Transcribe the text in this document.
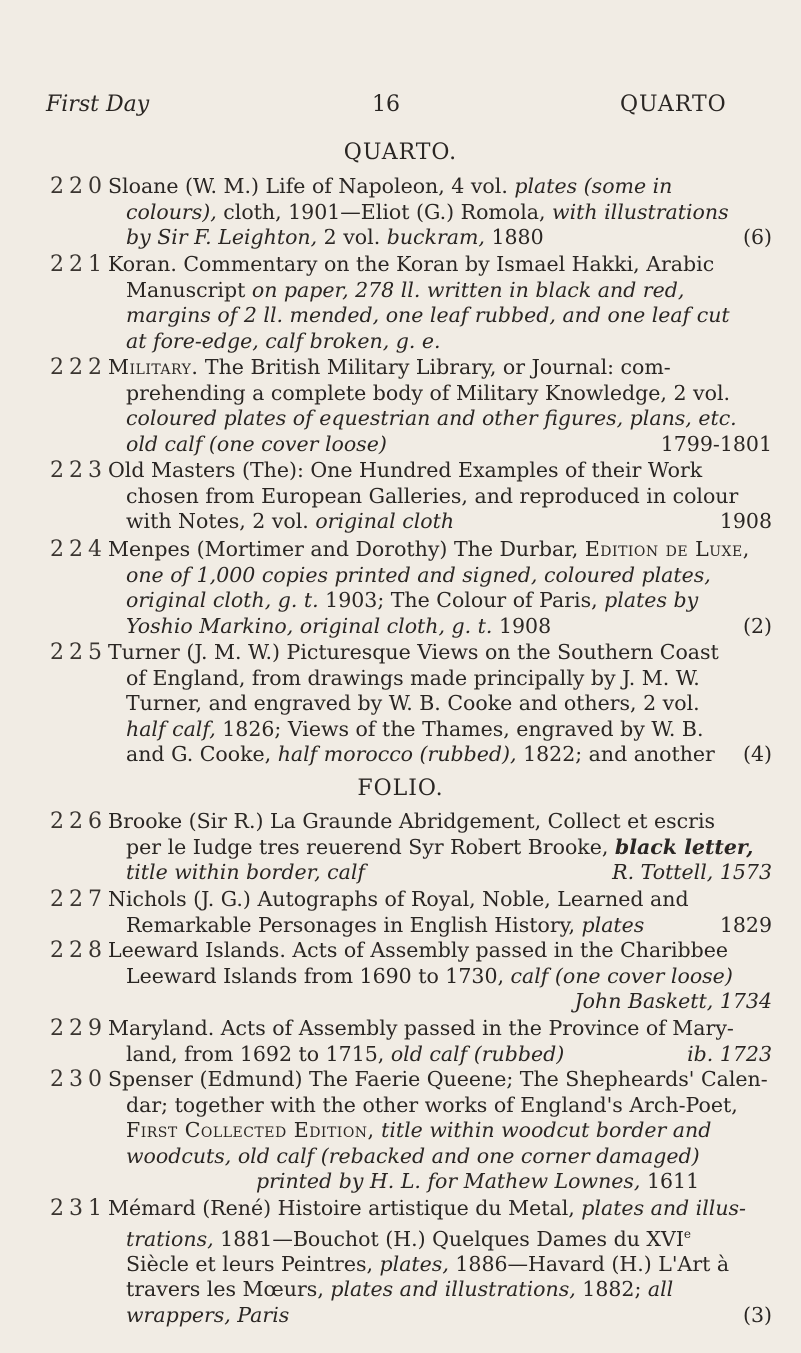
First Day	16	QUARTO
QUARTO.
220 Sloane (W. M.) Life of Napoleon, 4 vol. plates (some in
colours), cloth, 1901—Eliot (G.) Romola, with illustrations
by Sir F. Leighton, 2 vol. buckram, 1880	(6)
221 Koran. Commentary on the Koran by Ismael Hakki, Arabic
Manuscript on paper, 278 ll. written in black and red,
margins of 2 ll. mended, one leaf rubbed, and one leaf cut
at fore-edge, calf broken, g. e.
222 Military. The British Military Library, or Journal: com-
prehending a complete body of Military Knowledge, 2 vol.
coloured plates of equestrian and other figures, plans, etc.
old calf (one cover loose)	1799-1801
223 Old Masters (The): One Hundred Examples of their Work
chosen from European Galleries, and reproduced in colour
with Notes, 2 vol. original cloth	1908
224 Menpes (Mortimer and Dorothy) The Durbar, Edition de Luxe,
one of 1,000 copies printed and signed, coloured plates,
original cloth, g. t. 1903; The Colour of Paris, plates by
Yoshio Markino, original cloth, g. t. 1908	(2)
225 Turner (J. M. W.) Picturesque Views on the Southern Coast
of England, from drawings made principally by J. M. W.
Turner, and engraved by W. B. Cooke and others, 2 vol.
half calf, 1826; Views of the Thames, engraved by W. B.
and G. Cooke, half morocco (rubbed), 1822; and another (4)
FOLIO.
226 Brooke (Sir R.) La Graunde Abridgement, Collect et escris
per le Iudge tres reuerend Syr Robert Brooke, black letter,
title within border, calf	R. Tottell, 1573
227 Nichols (J. G.) Autographs of Royal, Noble, Learned and
Remarkable Personages in English History, plates	1829
228 Leeward Islands. Acts of Assembly passed in the Charibbee
Leeward Islands from 1690 to 1730, calf (one cover loose)
John Baskett, 1734
229 Maryland. Acts of Assembly passed in the Province of Mary-
land, from 1692 to 1715, old calf (rubbed)	ib. 1723
230 Spenser (Edmund) The Faerie Queene; The Shepheards' Calen-
dar; together with the other works of England's Arch-Poet,
First Collected Edition, title within woodcut border and
woodcuts, old calf (rebacked and one corner damaged)
printed by H. L. for Mathew Lownes, 1611
231 Mémard (René) Histoire artistique du Metal, plates and illus-
trations, 1881—Bouchot (H.) Quelques Dames du XVIe
Siècle et leurs Peintres, plates, 1886—Havard (H.) L'Art à
travers les Mœurs, plates and illustrations, 1882; all
wrappers, Paris	(3)
